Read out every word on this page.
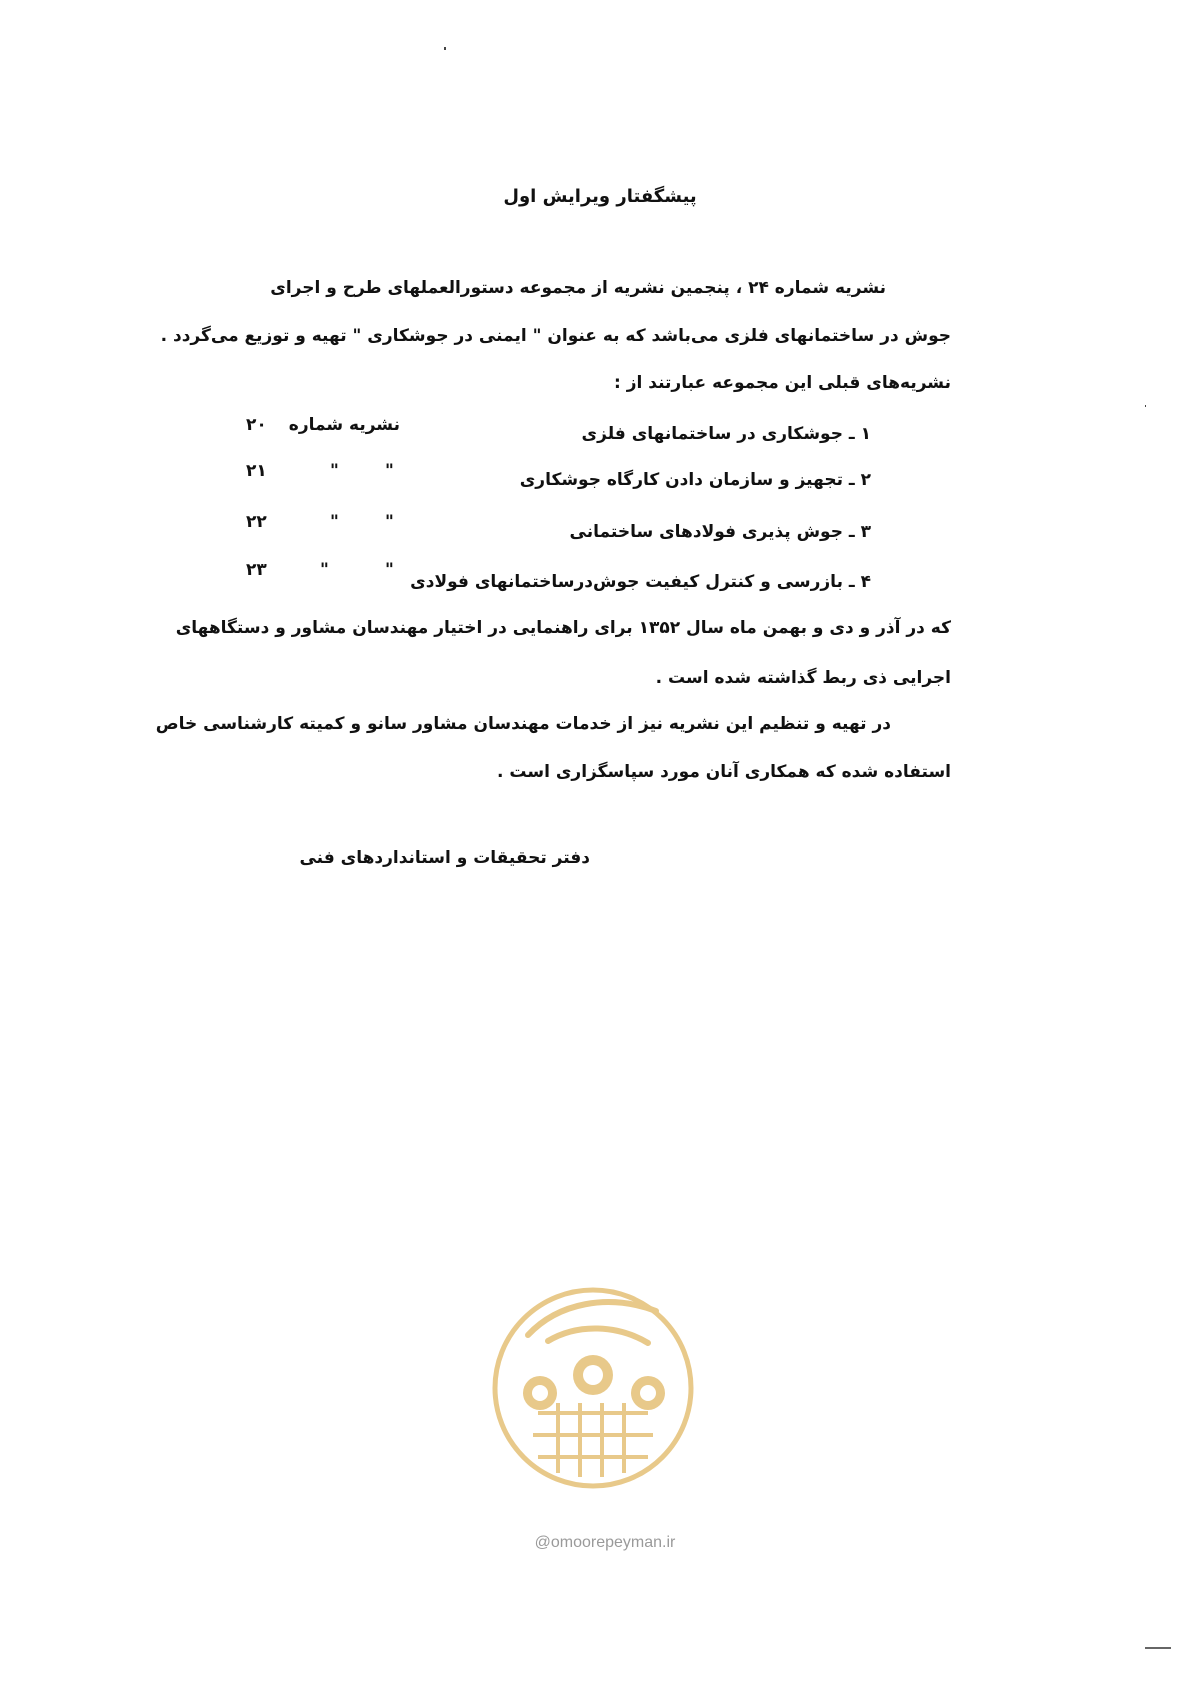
پیشگفتار ویرایش اول
نشریه شماره ۲۴ ، پنجمین نشریه از مجموعه دستورالعملهای طرح و اجرای
جوش در ساختمانهای فلزی می‌باشد که به عنوان " ایمنی در جوشکاری " تهیه و توزیع می‌گردد .
نشریه‌های قبلی این مجموعه عبارتند از :
۱ ـ جوشکاری در ساختمانهای فلزی
نشریه شماره
۲۰
۲ ـ تجهیز و سازمان دادن کارگاه جوشکاری
"
"
۲۱
۳ ـ جوش پذیری فولادهای ساختمانی
"
"
۲۲
۴ ـ بازرسی و کنترل کیفیت جوش‌درساختمانهای فولادی
"
"
۲۳
که در آذر و دی و بهمن ماه سال ۱۳۵۲ برای راهنمایی در اختیار مهندسان مشاور و دستگاههای
اجرایی ذی ربط گذاشته شده است .
در تهیه و تنظیم این نشریه نیز از خدمات مهندسان مشاور سانو و کمیته کارشناسی خاص
استفاده شده که همکاری آنان مورد سپاسگزاری است .
دفتر تحقیقات و استانداردهای فنی
@omoorepeyman.ir
